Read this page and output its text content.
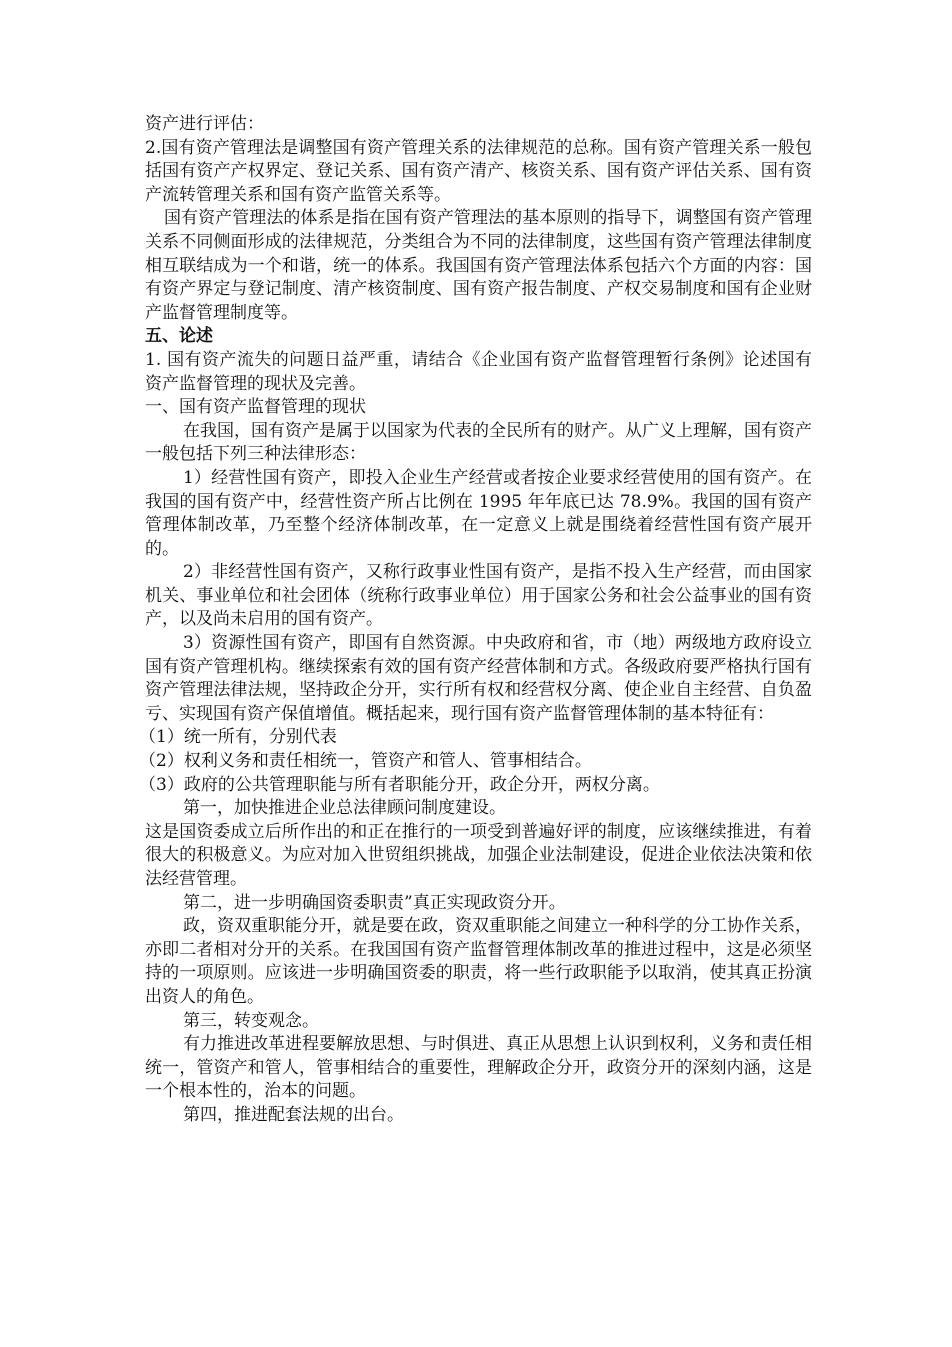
资产进行评估：

2.国有资产管理法是调整国有资产管理关系的法律规范的总称。国有资产管理关系一般包括国有资产产权界定、登记关系、国有资产清产、核资关系、国有资产评估关系、国有资产流转管理关系和国有资产监管关系等。

国有资产管理法的体系是指在国有资产管理法的基本原则的指导下，调整国有资产管理关系不同侧面形成的法律规范，分类组合为不同的法律制度，这些国有资产管理法律制度相互联结成为一个和谐，统一的体系。我国国有资产管理法体系包括六个方面的内容：国有资产界定与登记制度、清产核资制度、国有资产报告制度、产权交易制度和国有企业财产监督管理制度等。

五、论述

1. 国有资产流失的问题日益严重，请结合《企业国有资产监督管理暂行条例》论述国有资产监督管理的现状及完善。

一、国有资产监督管理的现状

在我国，国有资产是属于以国家为代表的全民所有的财产。从广义上理解，国有资产一般包括下列三种法律形态：

1）经营性国有资产，即投入企业生产经营或者按企业要求经营使用的国有资产。在我国的国有资产中，经营性资产所占比例在 1995 年年底已达 78.9%。我国的国有资产管理体制改革，乃至整个经济体制改革，在一定意义上就是围绕着经营性国有资产展开的。

2）非经营性国有资产，又称行政事业性国有资产，是指不投入生产经营，而由国家机关、事业单位和社会团体（统称行政事业单位）用于国家公务和社会公益事业的国有资产，以及尚未启用的国有资产。

3）资源性国有资产，即国有自然资源。中央政府和省，市（地）两级地方政府设立国有资产管理机构。继续探索有效的国有资产经营体制和方式。各级政府要严格执行国有资产管理法律法规，坚持政企分开，实行所有权和经营权分离、使企业自主经营、自负盈亏、实现国有资产保值增值。概括起来，现行国有资产监督管理体制的基本特征有：

（1）统一所有，分别代表

（2）权利义务和责任相统一，管资产和管人、管事相结合。

（3）政府的公共管理职能与所有者职能分开，政企分开，两权分离。

第一，加快推进企业总法律顾问制度建设。

这是国资委成立后所作出的和正在推行的一项受到普遍好评的制度，应该继续推进，有着很大的积极意义。为应对加入世贸组织挑战，加强企业法制建设，促进企业依法决策和依法经营管理。

第二，进一步明确国资委职责”真正实现政资分开。

政，资双重职能分开，就是要在政，资双重职能之间建立一种科学的分工协作关系，亦即二者相对分开的关系。在我国国有资产监督管理体制改革的推进过程中，这是必须坚持的一项原则。应该进一步明确国资委的职责，将一些行政职能予以取消，使其真正扮演出资人的角色。

第三，转变观念。

有力推进改革进程要解放思想、与时俱进、真正从思想上认识到权利，义务和责任相统一，管资产和管人，管事相结合的重要性，理解政企分开，政资分开的深刻内涵，这是一个根本性的，治本的问题。

第四，推进配套法规的出台。
